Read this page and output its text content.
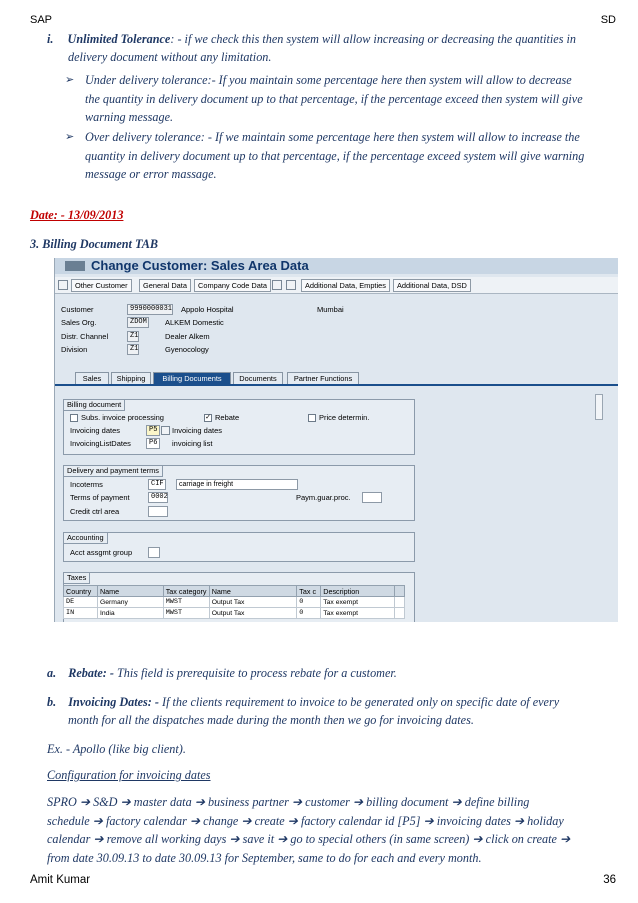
SAP	SD
i. Unlimited Tolerance: - if we check this then system will allow increasing or decreasing the quantities in
delivery document without any limitation.
➢ Under delivery tolerance:- If you maintain some percentage here then system will allow to decrease
the quantity in delivery document up to that percentage, if the percentage exceed then system will give
warning message.
➢ Over delivery tolerance: - If we maintain some percentage here then system will allow to increase the
quantity in delivery document up to that percentage, if the percentage exceed system will give warning
message or error massage.
Date: - 13/09/2013
3. Billing Document TAB
Change Customer: Sales Area Data
Other Customer	General Data	Company Code Data	Additional Data, Empties	Additional Data, DSD
Customer	9990000031 Appolo Hospital	Mumbai
Sales Org.	ZDOM ALKEM Domestic
Distr. Channel	Z1	Dealer Alkem
Division	Z1	Gyenocology
Sales	Shipping	Billing Documents	Documents	Partner Functions
Billing document
Subs. invoice processing	✓ Rebate	Price determin.
Invoicing dates	P5	Invoicing dates
InvoicingListDates	P6	invoicing list
Delivery and payment terms
Incoterms	CIF	carriage in freight
Terms of payment	0002	Paym.guar.proc.
Credit ctrl area
Accounting
Acct assgmt group
Taxes
Country	Name	Tax category	Name	Tax c	Description	
DE	Germany	MWST	Output Tax	0	Tax exempt	
IN	India	MWST	Output Tax	0	Tax exempt	
a. Rebate: - This field is prerequisite to process rebate for a customer.
b. Invoicing Dates: - If the clients requirement to invoice to be generated only on specific date of every
month for all the dispatches made during the month then we go for invoicing dates.
Ex. - Apollo (like big client).
Configuration for invoicing dates
SPRO ➔ S&D ➔ master data ➔ business partner ➔ customer ➔ billing document ➔ define billing
schedule ➔ factory calendar ➔ change ➔ create ➔ factory calendar id [P5] ➔ invoicing dates ➔ holiday
calendar ➔ remove all working days ➔ save it ➔ go to special others (in same screen) ➔ click on create ➔
from date 30.09.13 to date 30.09.13 for September, same to do for each and every month.
Amit Kumar	36
